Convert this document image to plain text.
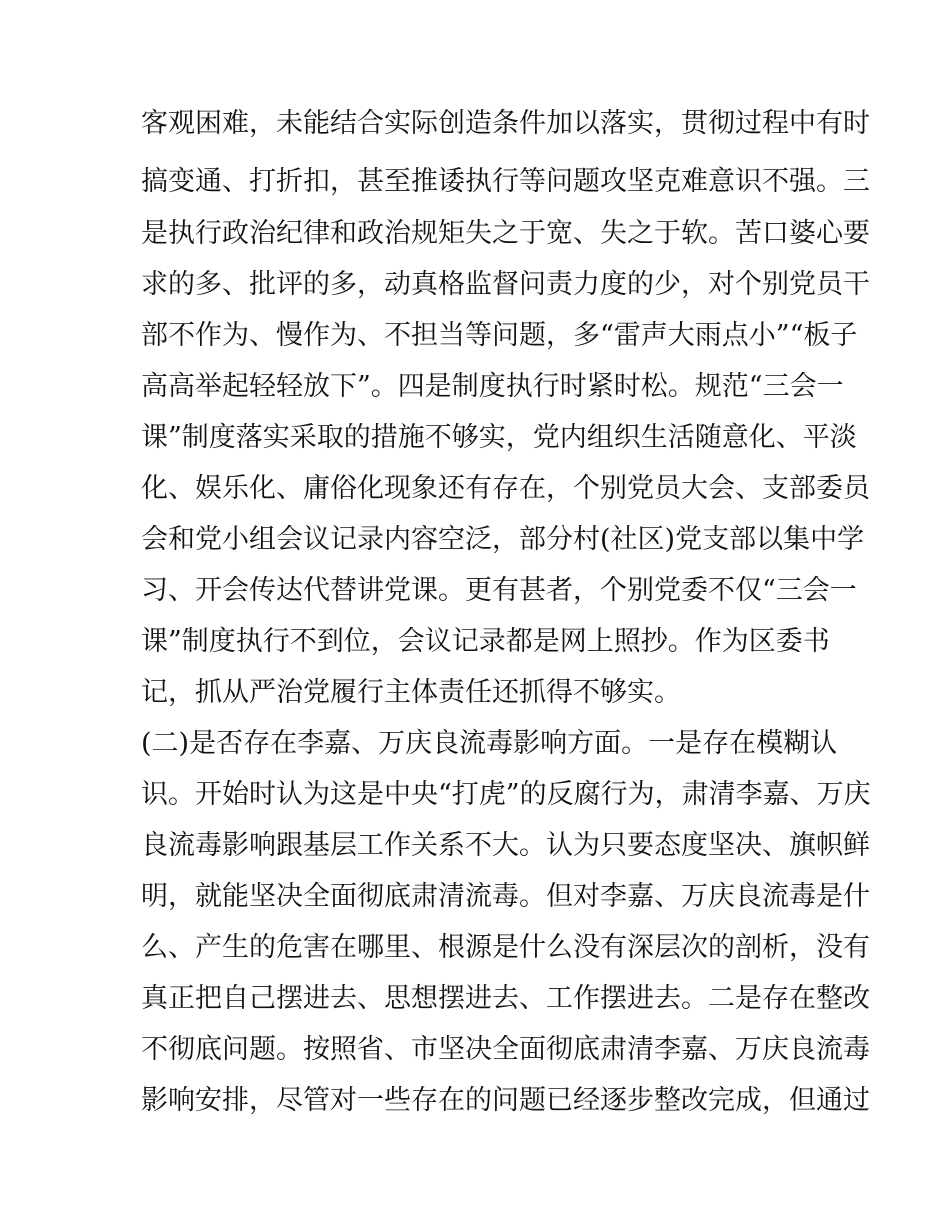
客观困难，未能结合实际创造条件加以落实，贯彻过程中有时
搞变通、打折扣，甚至推诿执行等问题攻坚克难意识不强。三
是执行政治纪律和政治规矩失之于宽、失之于软。苦口婆心要
求的多、批评的多，动真格监督问责力度的少，对个别党员干
部不作为、慢作为、不担当等问题，多“雷声大雨点小”“板子
高高举起轻轻放下”。四是制度执行时紧时松。规范“三会一
课”制度落实采取的措施不够实，党内组织生活随意化、平淡
化、娱乐化、庸俗化现象还有存在，个别党员大会、支部委员
会和党小组会议记录内容空泛，部分村(社区)党支部以集中学
习、开会传达代替讲党课。更有甚者，个别党委不仅“三会一
课”制度执行不到位，会议记录都是网上照抄。作为区委书
记，抓从严治党履行主体责任还抓得不够实。
(二)是否存在李嘉、万庆良流毒影响方面。一是存在模糊认
识。开始时认为这是中央“打虎”的反腐行为，肃清李嘉、万庆
良流毒影响跟基层工作关系不大。认为只要态度坚决、旗帜鲜
明，就能坚决全面彻底肃清流毒。但对李嘉、万庆良流毒是什
么、产生的危害在哪里、根源是什么没有深层次的剖析，没有
真正把自己摆进去、思想摆进去、工作摆进去。二是存在整改
不彻底问题。按照省、市坚决全面彻底肃清李嘉、万庆良流毒
影响安排，尽管对一些存在的问题已经逐步整改完成，但通过
